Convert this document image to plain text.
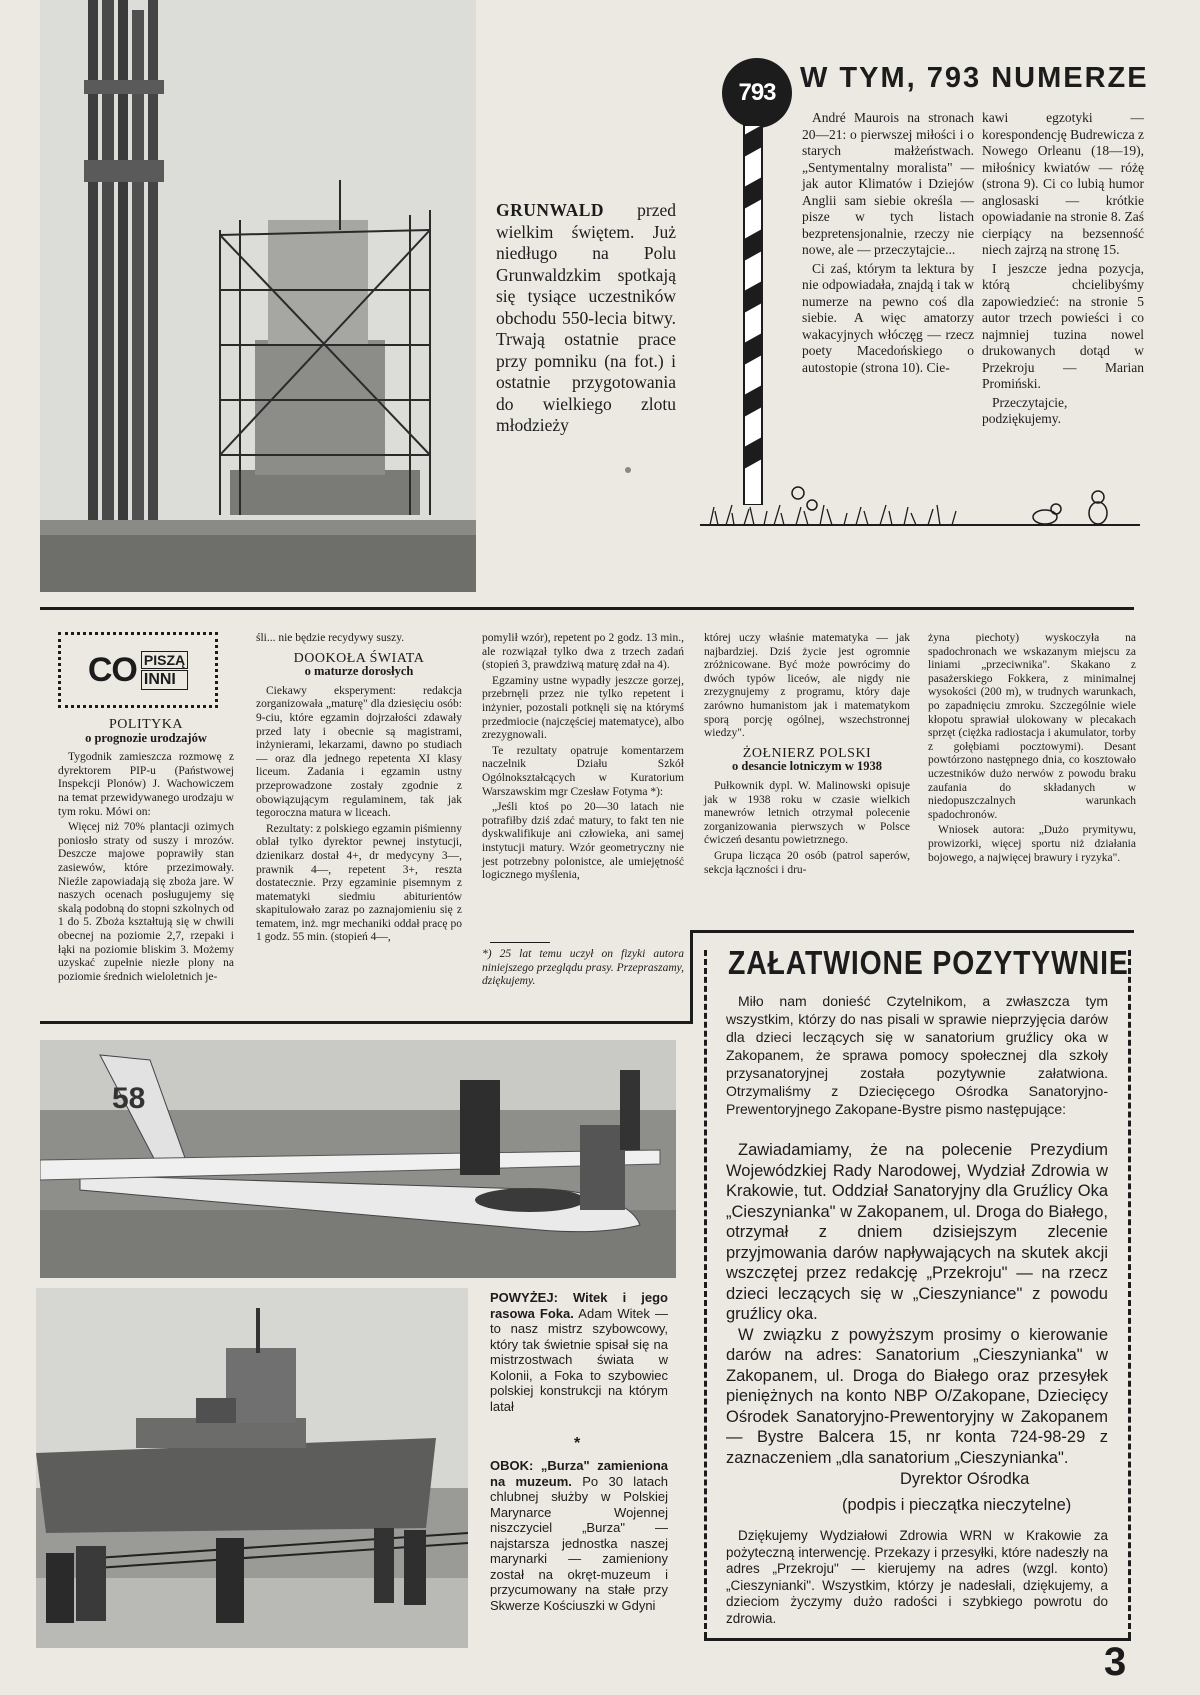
GRUNWALD przed wielkim świętem. Już niedługo na Polu Grunwaldzkim spotkają się tysiące uczestników obchodu 550-lecia bitwy. Trwają ostatnie prace przy pomniku (na fot.) i ostatnie przygotowania do wielkiego zlotu młodzieży
793 W TYM, 793 NUMERZE

André Maurois na stronach 20—21: o pierwszej miłości i o starych małżeństwach. „Sentymentalny moralista" — jak autor Klimatów i Dziejów Anglii sam siebie określa — pisze w tych listach bezpretensjonalnie, rzeczy nie nowe, ale — przeczytajcie...

Ci zaś, którym ta lektura by nie odpowiadała, znajdą i tak w numerze na pewno coś dla siebie. A więc amatorzy wakacyjnych włóczęg — rzecz poety Macedońskiego o autostopie (strona 10). Cie-

kawi egzotyki — korespondencję Budrewicza z Nowego Orleanu (18—19), miłośnicy kwiatów — różę (strona 9). Ci co lubią humor anglosaski — krótkie opowiadanie na stronie 8. Zaś cierpiący na bezsenność niech zajrzą na stronę 15.

I jeszcze jedna pozycja, którą chcielibyśmy zapowiedzieć: na stronie 5 autor trzech powieści i co najmniej tuzina nowel drukowanych dotąd w Przekroju — Marian Promiński.

Przeczytajcie, podziękujemy.

CO PISZĄ
INNI

POLITYKA

o prognozie urodzajów

Tygodnik zamieszcza rozmowę z dyrektorem PIP-u (Państwowej Inspekcji Plonów) J. Wachowiczem na temat przewidywanego urodzaju w tym roku. Mówi on:

Więcej niż 70% plantacji ozimych poniosło straty od suszy i mrozów. Deszcze majowe poprawiły stan zasiewów, które przezimowały. Nieźle zapowiadają się zboża jare. W naszych ocenach posługujemy się skalą podobną do stopni szkolnych od 1 do 5. Zboża kształtują się w chwili obecnej na poziomie 2,7, rzepaki i łąki na poziomie bliskim 3. Możemy uzyskać zupełnie niezłe plony na poziomie średnich wieloletnich je-

śli... nie będzie recydywy suszy.

DOOKOŁA ŚWIATA

o maturze dorosłych

Ciekawy eksperyment: redakcja zorganizowała „maturę" dla dziesięciu osób: 9-ciu, które egzamin dojrzałości zdawały przed laty i obecnie są magistrami, inżynierami, lekarzami, dawno po studiach — oraz dla jednego repetenta XI klasy liceum. Zadania i egzamin ustny przeprowadzone zostały zgodnie z obowiązującym regulaminem, tak jak tegoroczna matura w liceach.

Rezultaty: z polskiego egzamin piśmienny oblał tylko dyrektor pewnej instytucji, dzienikarz dostał 4+, dr medycyny 3—, prawnik 4—, repetent 3+, reszta dostatecznie. Przy egzaminie pisemnym z matematyki siedmiu abiturientów skapitulowało zaraz po zaznajomieniu się z tematem, inż. mgr mechaniki oddał pracę po 1 godz. 55 min. (stopień 4—,

pomylił wzór), repetent po 2 godz. 13 min., ale rozwiązał tylko dwa z trzech zadań (stopień 3, prawdziwą maturę zdał na 4).

Egzaminy ustne wypadły jeszcze gorzej, przebrnęli przez nie tylko repetent i inżynier, pozostali potknęli się na którymś przedmiocie (najczęściej matematyce), albo zrezygnowali.

Te rezultaty opatruje komentarzem naczelnik Działu Szkół Ogólnokształcących w Kuratorium Warszawskim mgr Czesław Fotyma *):

„Jeśli ktoś po 20—30 latach nie potrafiłby dziś zdać matury, to fakt ten nie dyskwalifikuje ani człowieka, ani samej instytucji matury. Wzór geometryczny nie jest potrzebny polonistce, ale umiejętność logicznego myślenia,

*) 25 lat temu uczył on fizyki autora niniejszego przeglądu prasy. Przepraszamy, dziękujemy.

której uczy właśnie matematyka — jak najbardziej. Dziś życie jest ogromnie zróżnicowane. Być może powrócimy do dwóch typów liceów, ale nigdy nie zrezygnujemy z programu, który daje zarówno humanistom jak i matematykom sporą porcję ogólnej, wszechstronnej wiedzy".

ŻOŁNIERZ POLSKI

o desancie lotniczym w 1938

Pułkownik dypl. W. Malinowski opisuje jak w 1938 roku w czasie wielkich manewrów letnich otrzymał polecenie zorganizowania pierwszych w Polsce ćwiczeń desantu powietrznego.

Grupa licząca 20 osób (patrol saperów, sekcja łączności i dru-

żyna piechoty) wyskoczyła na spadochronach we wskazanym miejscu za liniami „przeciwnika". Skakano z pasażerskiego Fokkera, z minimalnej wysokości (200 m), w trudnych warunkach, po zapadnięciu zmroku. Szczególnie wiele kłopotu sprawiał ulokowany w plecakach sprzęt (ciężka radiostacja i akumulator, torby z gołębiami pocztowymi). Desant powtórzono następnego dnia, co kosztowało uczestników dużo nerwów z powodu braku zaufania do składanych w niedopuszczalnych warunkach spadochronów.

Wniosek autora: „Dużo prymitywu, prowizorki, więcej sportu niż działania bojowego, a najwięcej brawury i ryzyka".

ZAŁATWIONE POZYTYWNIE

Miło nam donieść Czytelnikom, a zwłaszcza tym wszystkim, którzy do nas pisali w sprawie nieprzyjęcia darów dla dzieci leczących się w sanatorium gruźlicy oka w Zakopanem, że sprawa pomocy społecznej dla szkoły przysanatoryjnej została pozytywnie załatwiona. Otrzymaliśmy z Dziecięcego Ośrodka Sanatoryjno-Prewentoryjnego Zakopane-Bystre pismo następujące:

Zawiadamiamy, że na polecenie Prezydium Wojewódzkiej Rady Narodowej, Wydział Zdrowia w Krakowie, tut. Oddział Sanatoryjny dla Gruźlicy Oka „Cieszynianka" w Zakopanem, ul. Droga do Białego, otrzymał z dniem dzisiejszym zlecenie przyjmowania darów napływających na skutek akcji wszczętej przez redakcję „Przekroju" — na rzecz dzieci leczących się w „Cieszyniance" z powodu gruźlicy oka.

W związku z powyższym prosimy o kierowanie darów na adres: Sanatorium „Cieszynianka" w Zakopanem, ul. Droga do Białego oraz przesyłek pieniężnych na konto NBP O/Zakopane, Dziecięcy Ośrodek Sanatoryjno-Prewentoryjny w Zakopanem — Bystre Balcera 15, nr konta 724-98-29 z zaznaczeniem „dla sanatorium „Cieszynianka".

Dyrektor Ośrodka
(podpis i pieczątka nieczytelne)

Dziękujemy Wydziałowi Zdrowia WRN w Krakowie za pożyteczną interwencję. Przekazy i przesyłki, które nadeszły na adres „Przekroju" — kierujemy na adres (wzgl. konto) „Cieszynianki". Wszystkim, którzy je nadesłali, dziękujemy, a dzieciom życzymy dużo radości i szybkiego powrotu do zdrowia.

58

POWYŻEJ: Witek i jego rasowa Foka. Adam Witek — to nasz mistrz szybowcowy, który tak świetnie spisał się na mistrzostwach świata w Kolonii, a Foka to szybowiec polskiej konstrukcji na którym latał

*

OBOK: „Burza" zamieniona na muzeum. Po 30 latach chlubnej służby w Polskiej Marynarce Wojennej niszczyciel „Burza" — najstarsza jednostka naszej marynarki — zamieniony został na okręt-muzeum i przycumowany na stałe przy Skwerze Kościuszki w Gdyni

3
